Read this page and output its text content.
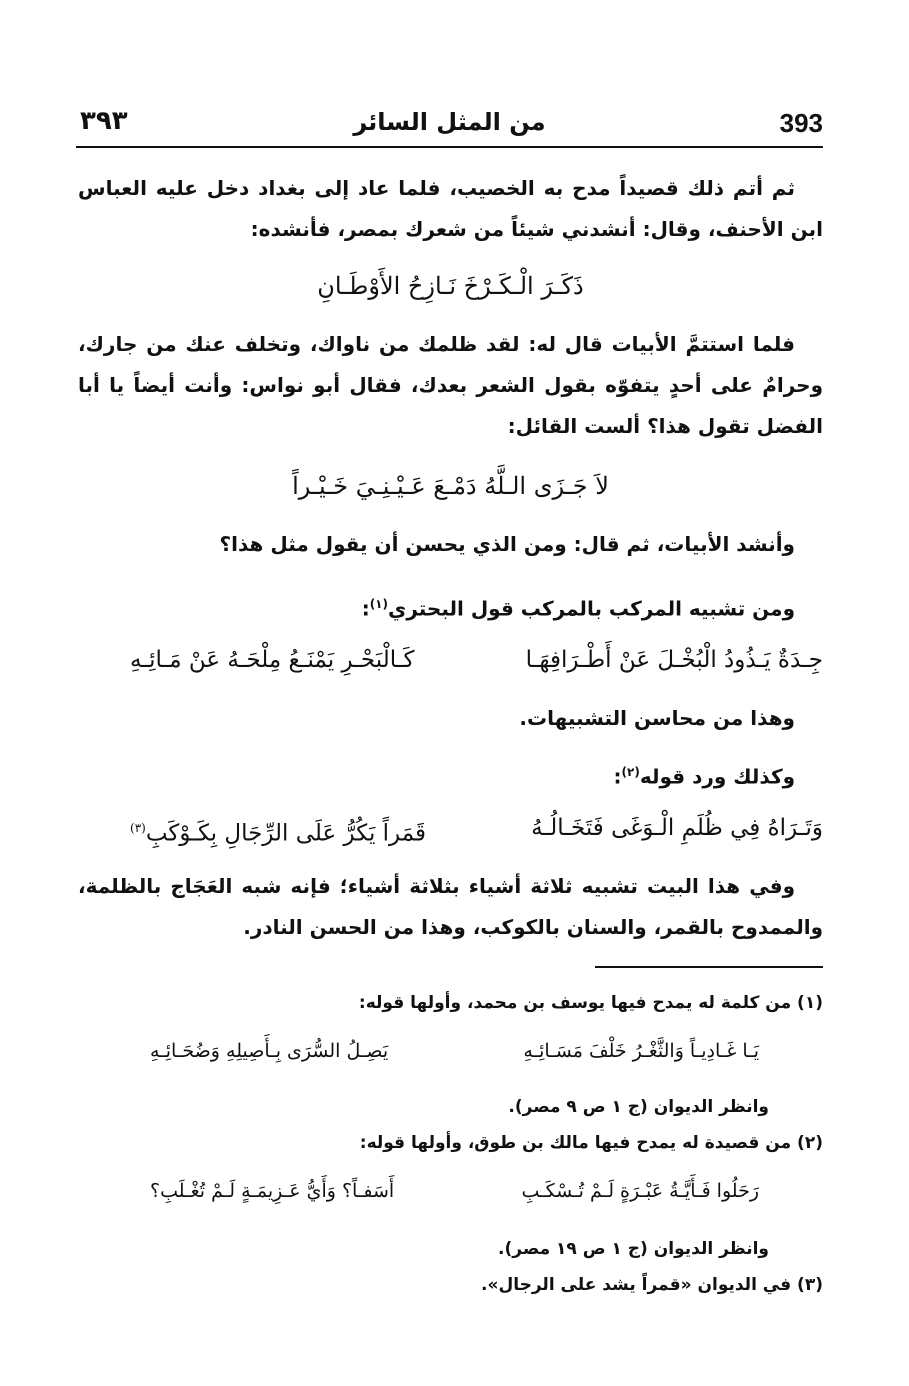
393
من المثل السائر
٣٩٣
ثم أتم ذلك قصيداً مدح به الخصيب، فلما عاد إلى بغداد دخل عليه العباس ابن الأحنف، وقال: أنشدني شيئاً من شعرك بمصر، فأنشده:
ذَكَـرَ الْـكَـرْخَ نَـازِحُ الأَوْطَـانِ
فلما استتمَّ الأبيات قال له: لقد ظلمك من ناواك، وتخلف عنك من جارك، وحرامٌ على أحدٍ يتفوّه بقول الشعر بعدك، فقال أبو نواس: وأنت أيضاً يا أبا الفضل تقول هذا؟ ألست القائل:
لاَ جَـزَى الـلَّهُ دَمْـعَ عَـيْـنِـيَ خَـيْـراً
وأنشد الأبيات، ثم قال: ومن الذي يحسن أن يقول مثل هذا؟
ومن تشبيه المركب بالمركب قول البحتري$^{(١)}$:
جِـدَةٌ يَـذُودُ الْبُخْـلَ عَنْ أَطْـرَافِهَـا
كَـالْبَحْـرِ يَمْنَـعُ مِلْحَـهُ عَنْ مَـائِـهِ
وهذا من محاسن التشبيهات.
وكذلك ورد قوله$^{(٢)}$:
وَتَـرَاهُ فِي ظُلَمِ الْـوَغَى فَتَخَـالُـهُ
قَمَراً يَكُرُّ عَلَى الرِّجَالِ بِكَـوْكَبِ$^{(٣)}$
وفي هذا البيت تشبيه ثلاثة أشياء بثلاثة أشياء؛ فإنه شبه العَجَاج بالظلمة، والممدوح بالقمر، والسنان بالكوكب، وهذا من الحسن النادر.
(١) من كلمة له يمدح فيها يوسف بن محمد، وأولها قوله:
يَـا غَـادِيـاً وَالثَّغْـرُ خَلْفَ مَسَـائِـهِ
يَصِـلُ السُّرَى بِـأَصِيلِهِ وَضُحَـائِـهِ
وانظر الديوان (ج ١ ص ٩ مصر).
(٢) من قصيدة له يمدح فيها مالك بن طوق، وأولها قوله:
رَحَلُوا فَـأَيَّـةُ عَبْـرَةٍ لَـمْ تُـسْكَـبِ
أَسَفـاً؟ وَأَيُّ عَـزِيمَـةٍ لَـمْ تُغْـلَبِ؟
وانظر الديوان (ج ١ ص ١٩ مصر).
(٣) في الديوان «قمراً يشد على الرجال».
